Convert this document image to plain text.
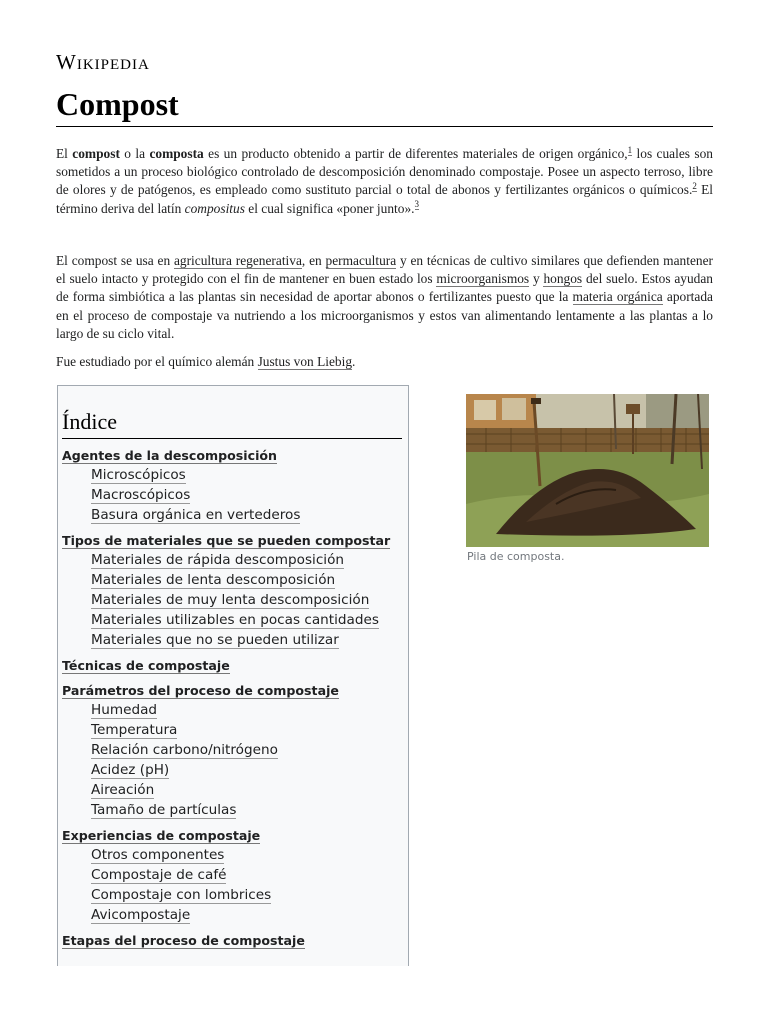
Wikipedia
Compost
El compost o la composta es un producto obtenido a partir de diferentes materiales de origen orgánico,$^1$ los cuales son sometidos a un proceso biológico controlado de descomposición denominado compostaje. Posee un aspecto terroso, libre de olores y de patógenos, es empleado como sustituto parcial o total de abonos y fertilizantes orgánicos o químicos.$^2$ El término deriva del latín compositus el cual significa «poner junto».$^3$
El compost se usa en agricultura regenerativa, en permacultura y en técnicas de cultivo similares que defienden mantener el suelo intacto y protegido con el fin de mantener en buen estado los microorganismos y hongos del suelo. Estos ayudan de forma simbiótica a las plantas sin necesidad de aportar abonos o fertilizantes puesto que la materia orgánica aportada en el proceso de compostaje va nutriendo a los microorganismos y estos van alimentando lentamente a las plantas a lo largo de su ciclo vital.
Fue estudiado por el químico alemán Justus von Liebig.
Índice
Agentes de la descomposición
Microscópicos
Macroscópicos
Basura orgánica en vertederos
Tipos de materiales que se pueden compostar
Materiales de rápida descomposición
Materiales de lenta descomposición
Materiales de muy lenta descomposición
Materiales utilizables en pocas cantidades
Materiales que no se pueden utilizar
Técnicas de compostaje
Parámetros del proceso de compostaje
Humedad
Temperatura
Relación carbono/nitrógeno
Acidez (pH)
Aireación
Tamaño de partículas
Experiencias de compostaje
Otros componentes
Compostaje de café
Compostaje con lombrices
Avicompostaje
Etapas del proceso de compostaje
Pila de composta.
